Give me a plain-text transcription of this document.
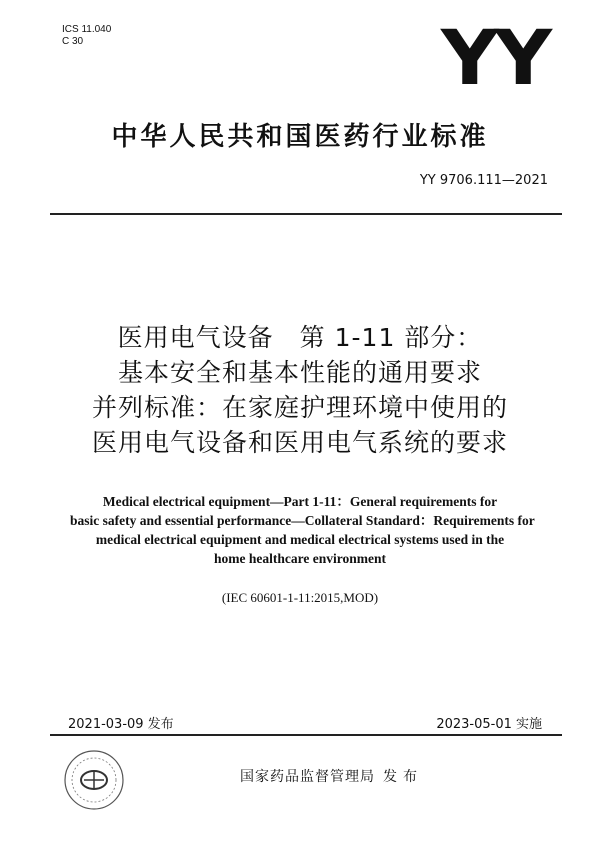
ICS 11.040
C 30	YY
中华人民共和国医药行业标准
YY 9706.111—2021
医用电气设备　第 1-11 部分：
基本安全和基本性能的通用要求
并列标准：在家庭护理环境中使用的
医用电气设备和医用电气系统的要求
Medical electrical equipment—Part 1-11：General requirements for
basic safety and essential performance—Collateral Standard：Requirements for
medical electrical equipment and medical electrical systems used in the
home healthcare environment
(IEC 60601-1-11:2015,MOD)
2021-03-09 发布	2023-05-01 实施
国家药品监督管理局 发布
